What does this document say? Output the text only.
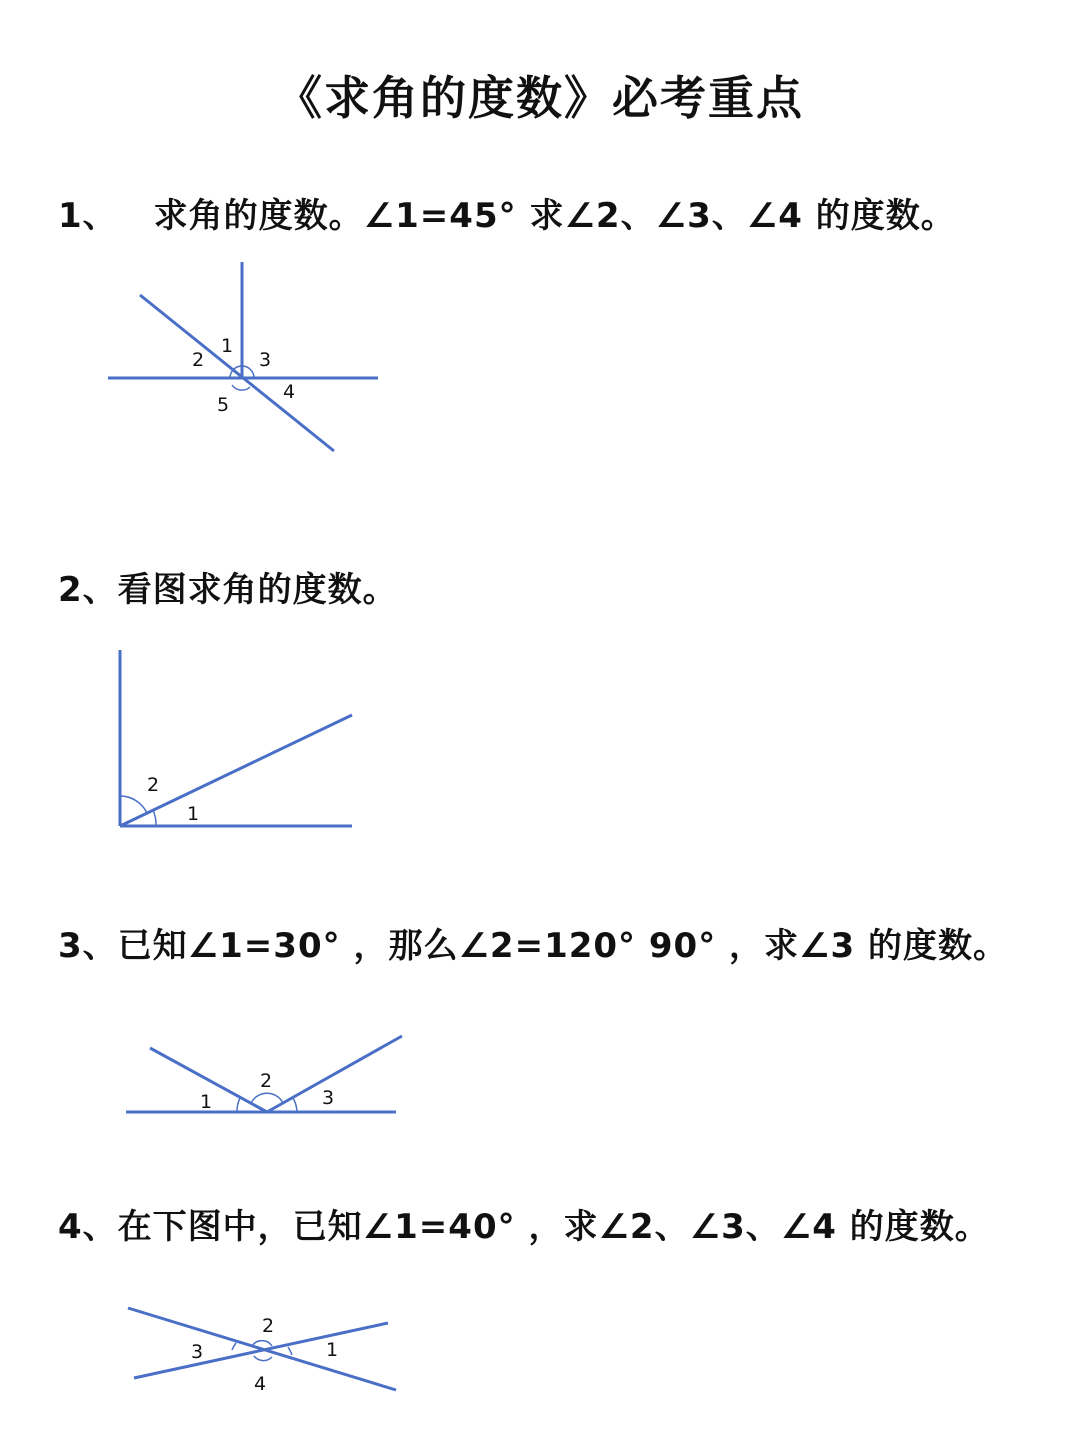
《求角的度数》必考重点
1、 求角的度数。∠1=45° 求∠2、∠3、∠4 的度数。
1
2	3
4
5
2、看图求角的度数。
2
1
3、已知∠1=30° ，那么∠2=120° 90° ，求∠3 的度数。
2
1	3
4、在下图中，已知∠1=40° ，求∠2、∠3、∠4 的度数。
2
3	1
4
